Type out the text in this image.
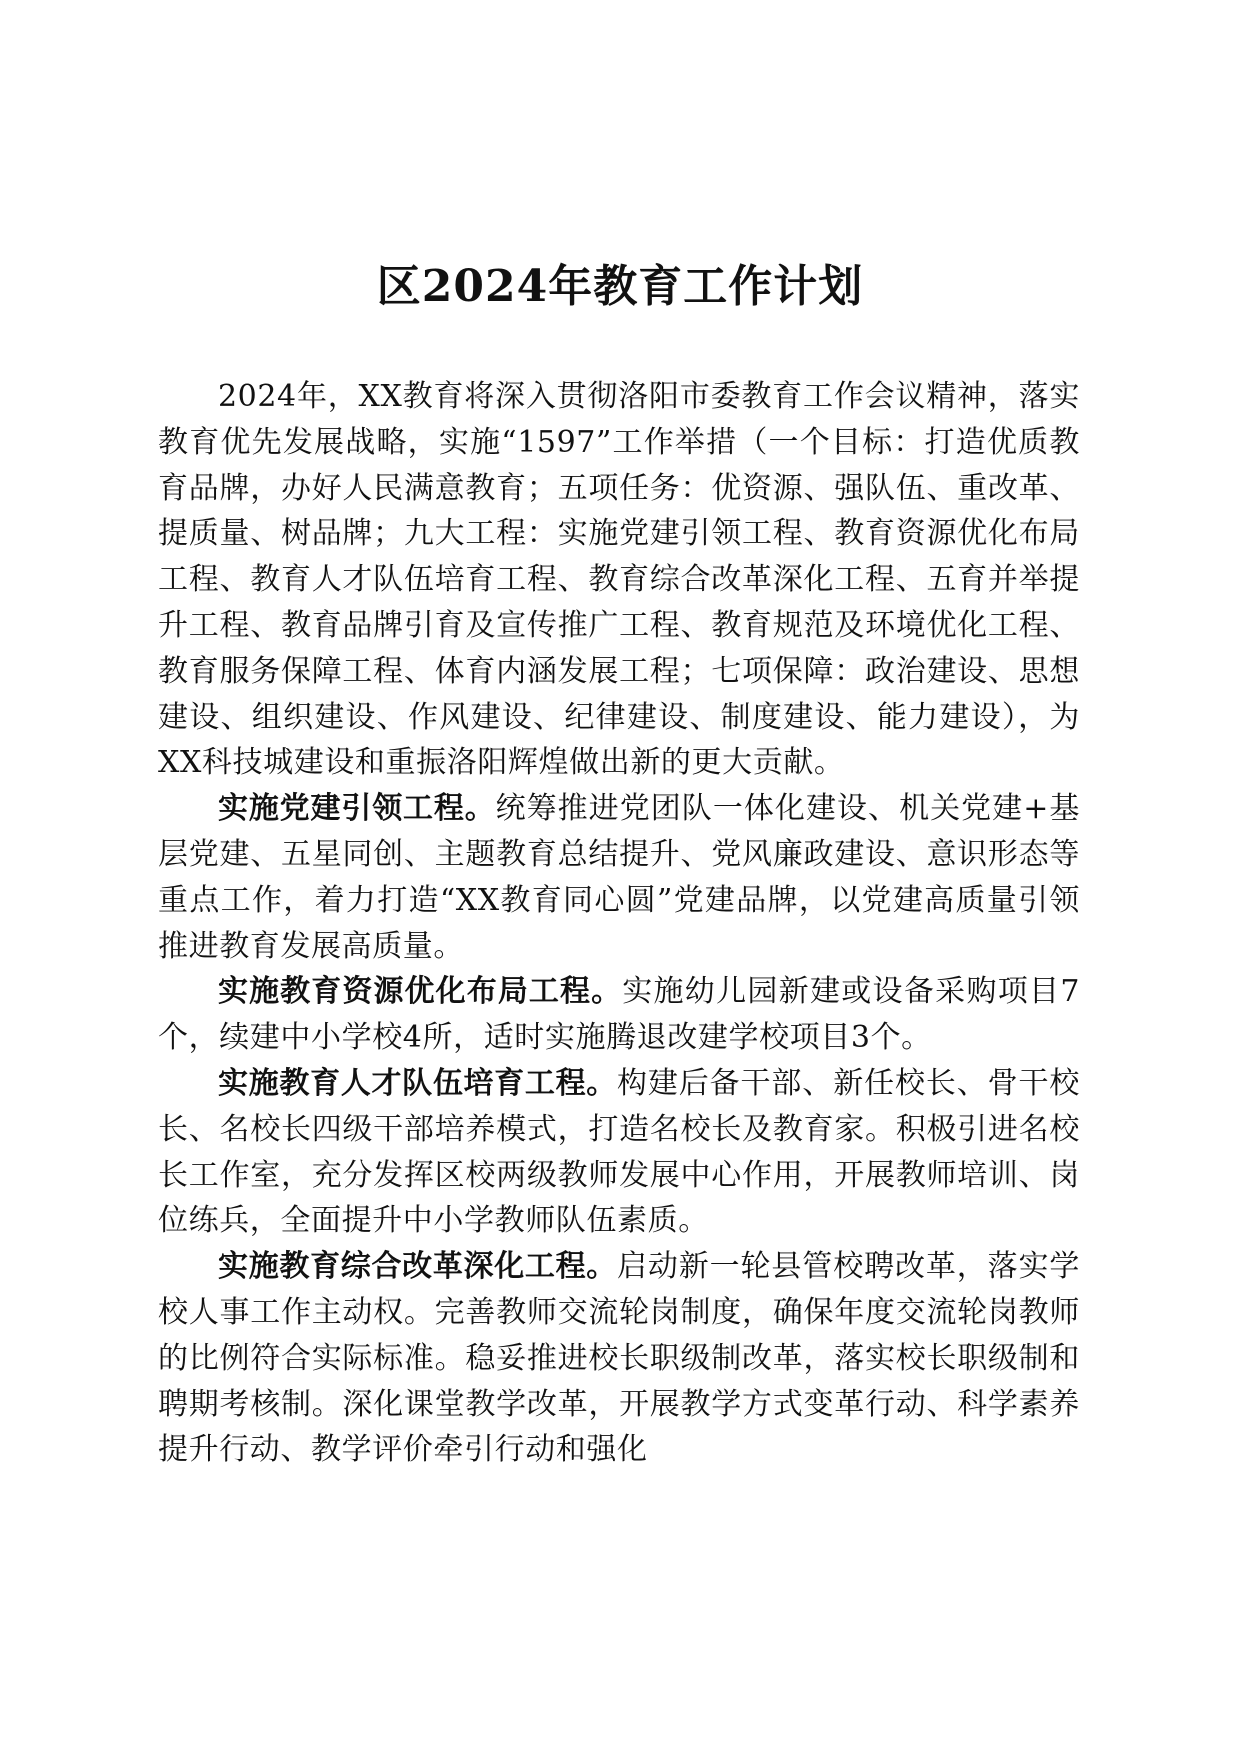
区2024年教育工作计划

2024年，XX教育将深入贯彻洛阳市委教育工作会议精神，落实教育优先发展战略，实施“1597”工作举措（一个目标：打造优质教育品牌，办好人民满意教育；五项任务：优资源、强队伍、重改革、提质量、树品牌；九大工程：实施党建引领工程、教育资源优化布局工程、教育人才队伍培育工程、教育综合改革深化工程、五育并举提升工程、教育品牌引育及宣传推广工程、教育规范及环境优化工程、教育服务保障工程、体育内涵发展工程；七项保障：政治建设、思想建设、组织建设、作风建设、纪律建设、制度建设、能力建设），为XX科技城建设和重振洛阳辉煌做出新的更大贡献。

实施党建引领工程。统筹推进党团队一体化建设、机关党建+基层党建、五星同创、主题教育总结提升、党风廉政建设、意识形态等重点工作，着力打造“XX教育同心圆”党建品牌，以党建高质量引领推进教育发展高质量。

实施教育资源优化布局工程。实施幼儿园新建或设备采购项目7个，续建中小学校4所，适时实施腾退改建学校项目3个。

实施教育人才队伍培育工程。构建后备干部、新任校长、骨干校长、名校长四级干部培养模式，打造名校长及教育家。积极引进名校长工作室，充分发挥区校两级教师发展中心作用，开展教师培训、岗位练兵，全面提升中小学教师队伍素质。

实施教育综合改革深化工程。启动新一轮县管校聘改革，落实学校人事工作主动权。完善教师交流轮岗制度，确保年度交流轮岗教师的比例符合实际标准。稳妥推进校长职级制改革，落实校长职级制和聘期考核制。深化课堂教学改革，开展教学方式变革行动、科学素养提升行动、教学评价牵引行动和强化
